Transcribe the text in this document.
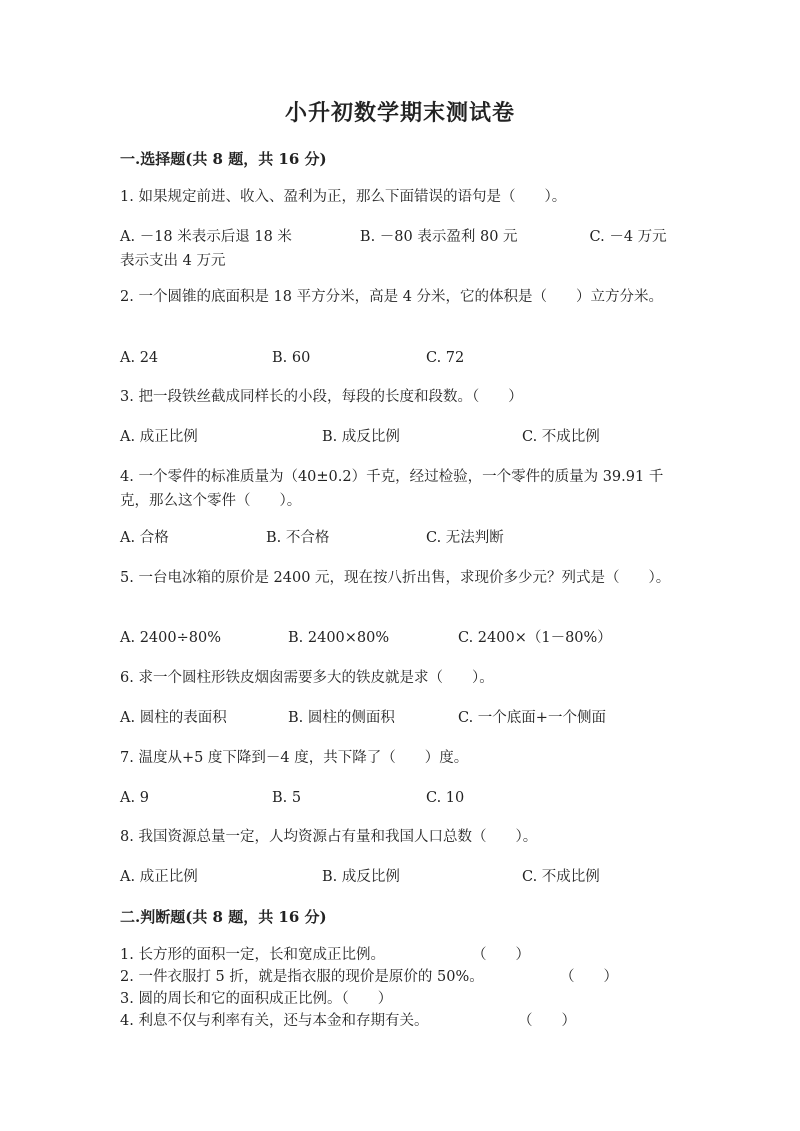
小升初数学期末测试卷
一.选择题(共 8 题，共 16 分)
1. 如果规定前进、收入、盈利为正，那么下面错误的语句是（　　）。
A. －18 米表示后退 18 米	B. －80 表示盈利 80 元	C. －4 万元表示支出 4 万元
2. 一个圆锥的底面积是 18 平方分米，高是 4 分米，它的体积是（　　）立方分米。
A. 24	B. 60	C. 72
3. 把一段铁丝截成同样长的小段，每段的长度和段数。（　　）
A. 成正比例	B. 成反比例	C. 不成比例
4. 一个零件的标准质量为（40±0.2）千克，经过检验，一个零件的质量为 39.91 千克，那么这个零件（　　）。
A. 合格	B. 不合格	C. 无法判断
5. 一台电冰箱的原价是 2400 元，现在按八折出售，求现价多少元？列式是（　　）。
A. 2400÷80%	B. 2400×80%	C. 2400×（1－80%）
6. 求一个圆柱形铁皮烟囱需要多大的铁皮就是求（　　）。
A. 圆柱的表面积	B. 圆柱的侧面积	C. 一个底面+一个侧面
7. 温度从+5 度下降到－4 度，共下降了（　　）度。
A. 9	B. 5	C. 10
8. 我国资源总量一定，人均资源占有量和我国人口总数（　　）。
A. 成正比例	B. 成反比例	C. 不成比例
二.判断题(共 8 题，共 16 分)
1. 长方形的面积一定，长和宽成正比例。	（　　）
2. 一件衣服打 5 折，就是指衣服的现价是原价的 50%。	（　　）
3. 圆的周长和它的面积成正比例。（　　）
4. 利息不仅与利率有关，还与本金和存期有关。	（　　）
